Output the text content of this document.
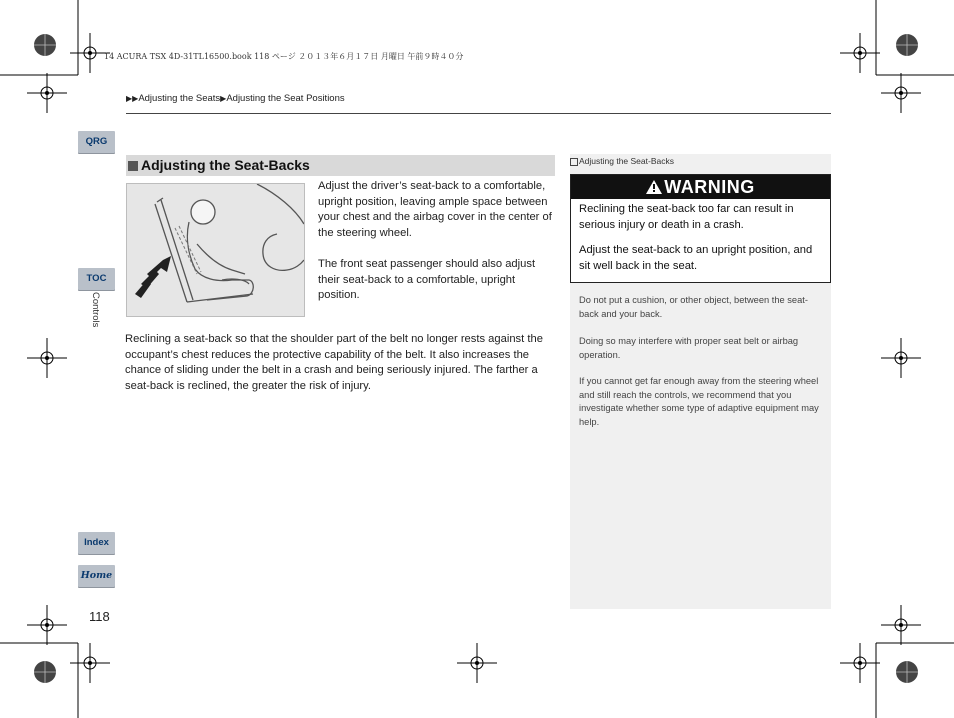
14 ACURA TSX 4D-31TL16500.book 118 ページ ２０１３年６月１７日 月曜日 午前９時４０分
▶▶Adjusting the Seats▶Adjusting the Seat Positions
QRG
TOC
Controls
Index
Home
118
Adjusting the Seat-Backs
Adjust the driver’s seat-back to a comfortable, upright position, leaving ample space between your chest and the airbag cover in the center of the steering wheel.
The front seat passenger should also adjust their seat-back to a comfortable, upright position.
Reclining a seat-back so that the shoulder part of the belt no longer rests against the occupant’s chest reduces the protective capability of the belt. It also increases the chance of sliding under the belt in a crash and being seriously injured. The farther a seat-back is reclined, the greater the risk of injury.
Adjusting the Seat-Backs
WARNING
Reclining the seat-back too far can result in serious injury or death in a crash.
Adjust the seat-back to an upright position, and sit well back in the seat.
Do not put a cushion, or other object, between the seat-back and your back.
Doing so may interfere with proper seat belt or airbag operation.
If you cannot get far enough away from the steering wheel and still reach the controls, we recommend that you investigate whether some type of adaptive equipment may help.
